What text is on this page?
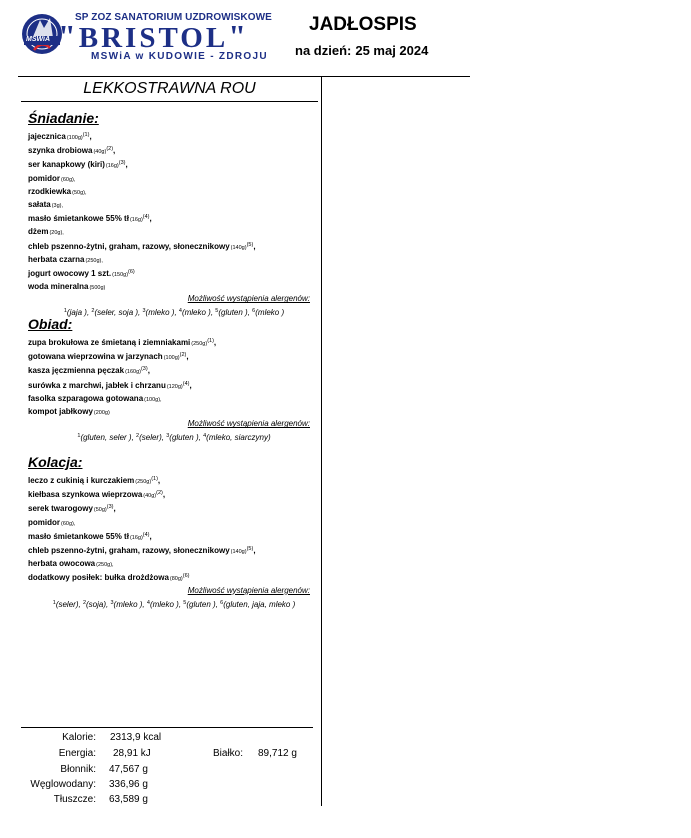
MSWiA
SP ZOZ SANATORIUM UZDROWISKOWE
"BRISTOL"
MSWiA w KUDOWIE - ZDROJU
JADŁOSPIS
na dzień: 25 maj 2024
LEKKOSTRAWNA ROU
Śniadanie:
$jajecznica(100g)^{(1)}$,
szynka $drobiowa(40g)^{(2)}$,
ser kanapkowy $(kiri)(16g)^{(3)}$,
pomidor(60g),
rzodkiewka(50g),
sałata(3g),
masło śmietankowe 55% $tł(16g)^{(4)}$,
dżem(20g),
chleb pszenno-żytni, graham, razowy, $słonecznikowy(140g)^{(5)}$,
herbata czarna(250g),
jogurt owocowy 1 $szt.(150g)^{(6)}$
woda mineralna(500g)
Możliwość wystąpienia alergenów:
$^1$(jaja ), $^2$(seler, soja ), $^3$(mleko ), $^4$(mleko ), $^5$(gluten ), $^6$(mleko )
Obiad:
zupa brokułowa ze śmietaną i $ziemniakami(250g)^{(1)}$,
gotowana wieprzowina w $jarzynach(100g)^{(2)}$,
kasza jęczmienna $pęczak(160g)^{(3)}$,
surówka z marchwi, jabłek i $chrzanu(120g)^{(4)}$,
fasolka szparagowa gotowana(100g),
kompot jabłkowy(200g)
Możliwość wystąpienia alergenów:
$^1$(gluten, seler ), $^2$(seler), $^3$(gluten ), $^4$(mleko, siarczyny)
Kolacja:
leczo z cukinią i $kurczakiem(250g)^{(1)}$,
kiełbasa szynkowa $wieprzowa(40g)^{(2)}$,
serek $twarogowy(50g)^{(3)}$,
pomidor(60g),
masło śmietankowe 55% $tł(16g)^{(4)}$,
chleb pszenno-żytni, graham, razowy, $słonecznikowy(140g)^{(5)}$,
herbata owocowa(250g),
dodatkowy posiłek: bułka $drożdżowa(80g)^{(6)}$
Możliwość wystąpienia alergenów:
$^1$(seler), $^2$(soja), $^3$(mleko ), $^4$(mleko ), $^5$(gluten ), $^6$(gluten, jaja, mleko )
Kalorie: 2313,9 kcal
Energia: 28,91 kJ	Białko: 89,712 g
Błonnik: 47,567 g
Węglowodany: 336,96 g
Tłuszcze: 63,589 g
